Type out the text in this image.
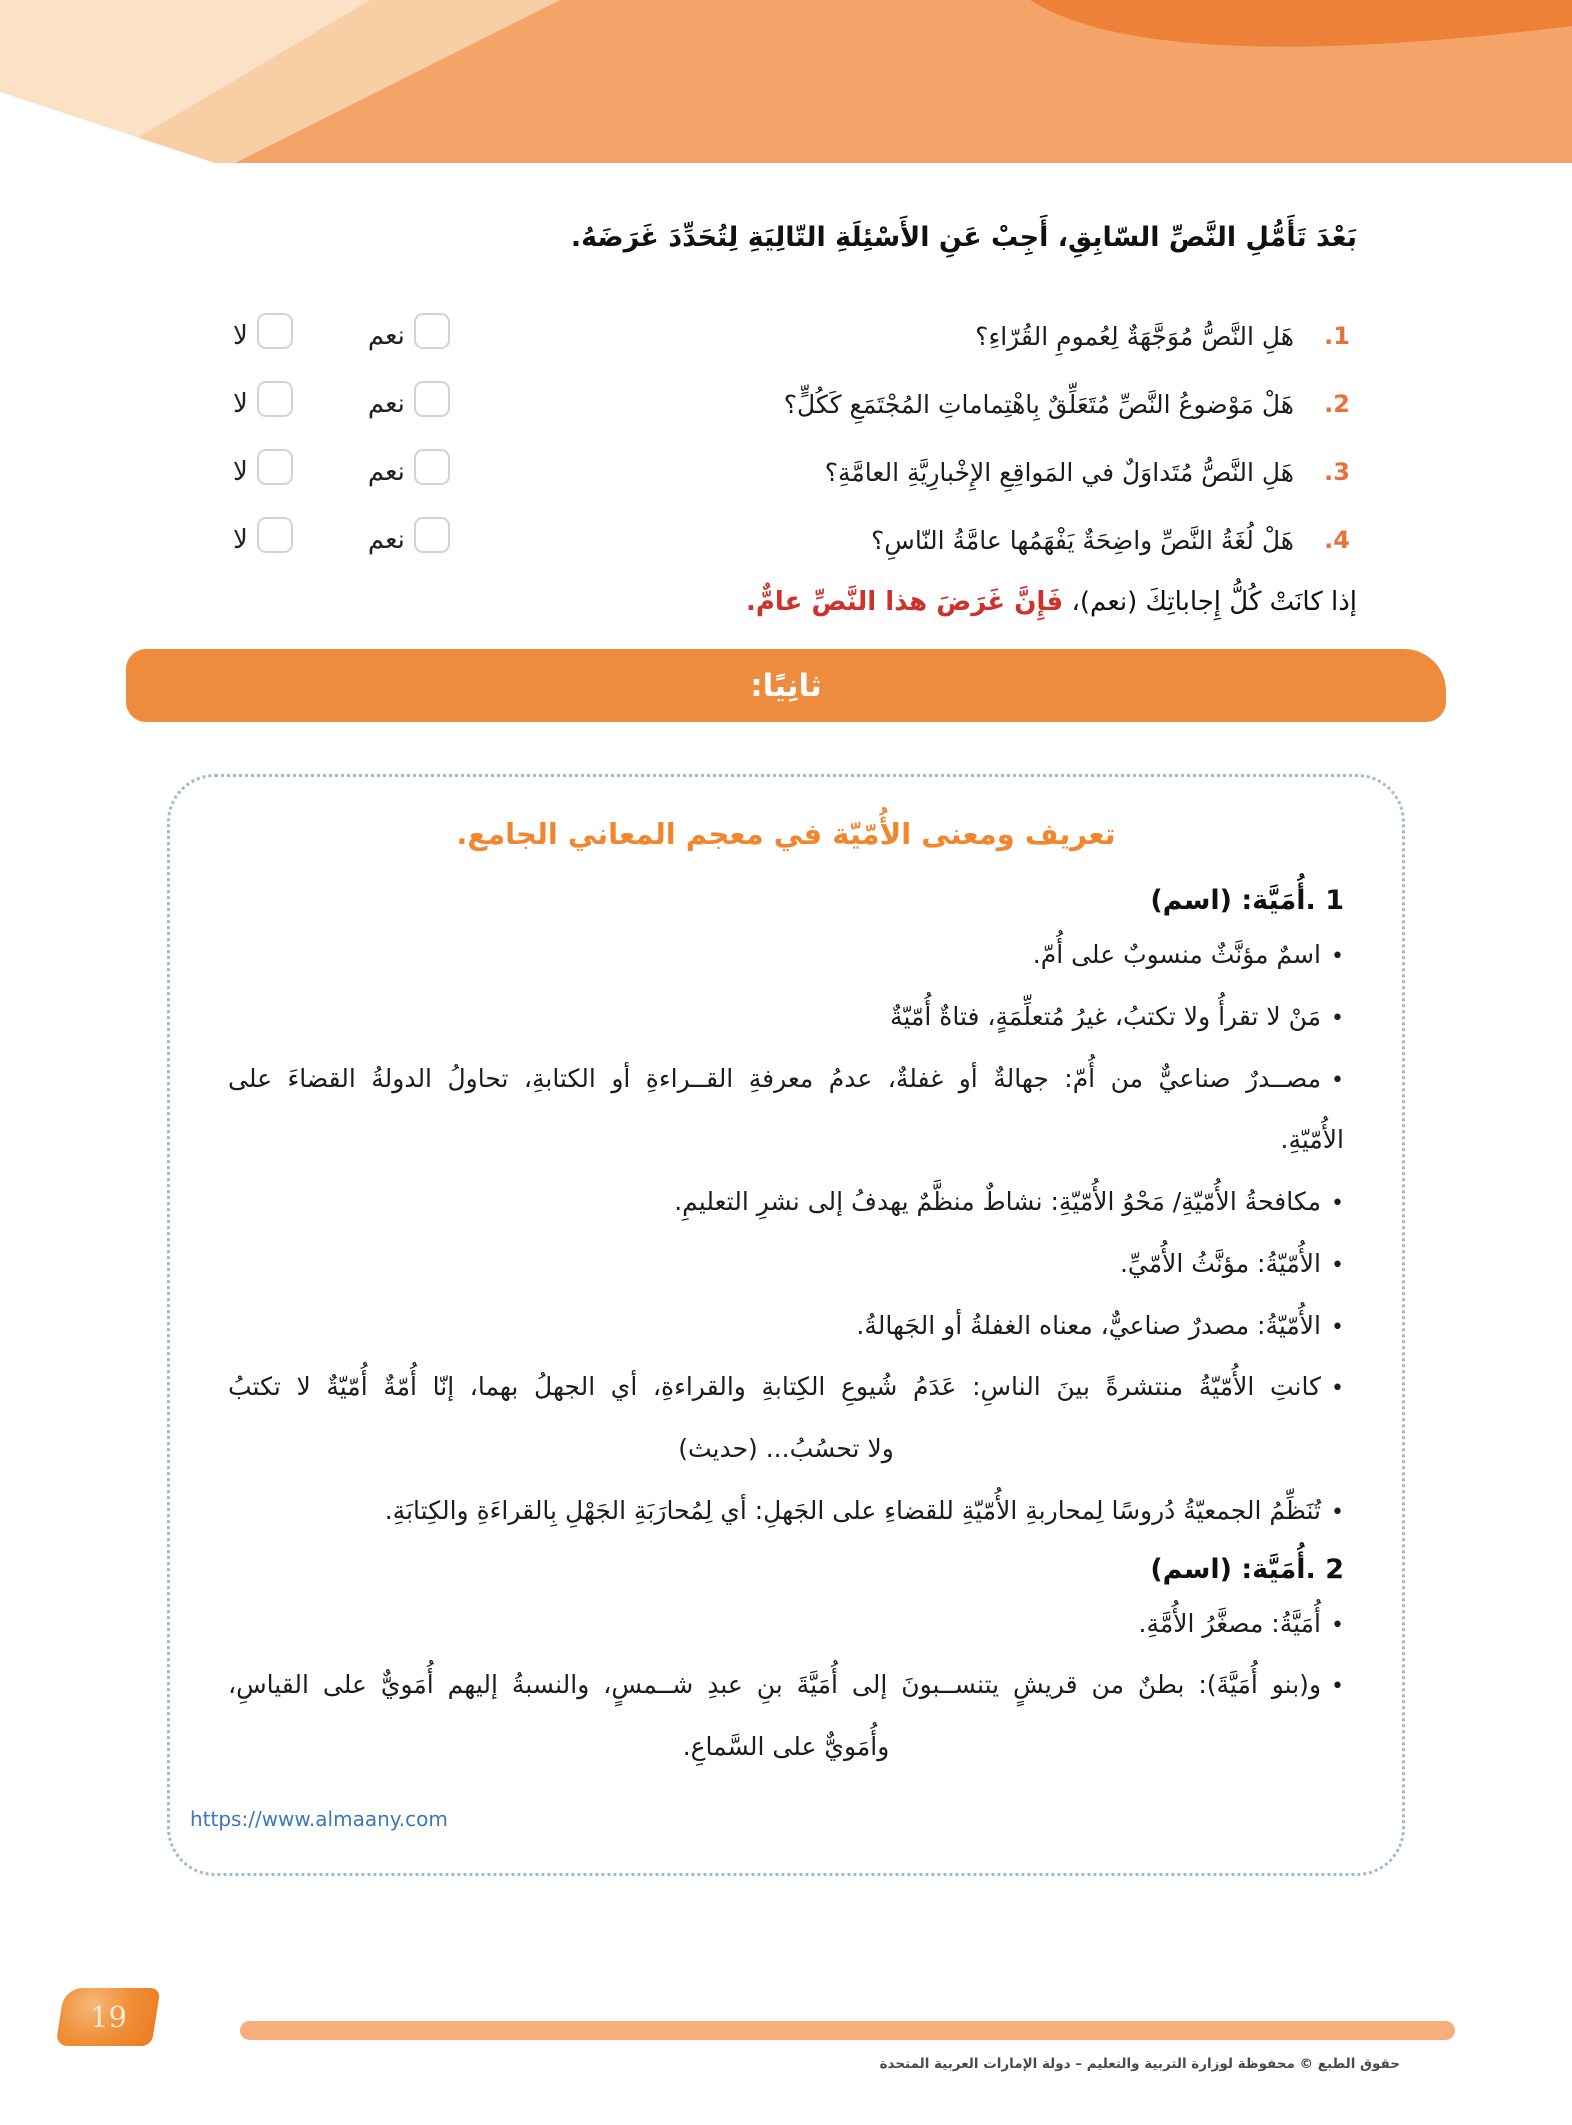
بَعْدَ تَأَمُّلِ النَّصِّ السّابِقِ، أَجِبْ عَنِ الأَسْئِلَةِ التّالِيَةِ لِتُحَدِّدَ غَرَضَهُ.
1.
هَلِ النَّصُّ مُوَجَّهَةٌ لِعُمومِ القُرّاءِ؟
نعم
لا
2.
هَلْ مَوْضوعُ النَّصِّ مُتَعَلِّقٌ بِاهْتِماماتِ المُجْتَمَعِ كَكُلٍّ؟
نعم
لا
3.
هَلِ النَّصُّ مُتَداوَلٌ في المَواقِعِ الإِخْبارِيَّةِ العامَّةِ؟
نعم
لا
4.
هَلْ لُغَةُ النَّصِّ واضِحَةٌ يَفْهَمُها عامَّةُ النّاسِ؟
نعم
لا
إذا كانَتْ كُلُّ إِجاباتِكَ (نعم)، فَإِنَّ غَرَضَ هذا النَّصِّ عامٌّ.
ثانِيًا:
تعريف ومعنى الأُمّيّة في معجم المعاني الجامع.
1 .أُمَيَّة: (اسم)
•اسمٌ مؤنَّثٌ منسوبٌ على أُمّ.
•مَنْ لا تقرأُ ولا تكتبُ، غيرُ مُتعلِّمَةٍ، فتاةٌ أُمّيّةٌ
•مصــدرٌ صناعيٌّ من أُمّ: جهالةٌ أو غفلةٌ، عدمُ معرفةِ القــراءةِ أو الكتابةِ، تحاولُ الدولةُ القضاءَ على
الأُمّيّةِ.
•مكافحةُ الأُمّيّةِ/ مَحْوُ الأُمّيّةِ: نشاطٌ منظَّمٌ يهدفُ إلى نشرِ التعليمِ.
•الأُمّيّةُ: مؤنَّثُ الأُمّيِّ.
•الأُمّيّةُ: مصدرٌ صناعيٌّ، معناه الغفلةُ أو الجَهالةُ.
•كانتِ الأُمّيّةُ منتشرةً بينَ الناسِ: عَدَمُ شُيوعِ الكِتابةِ والقراءةِ، أي الجهلُ بهما، إنّا أُمّةٌ أُمّيّةٌ لا تكتبُ
ولا تحسُبُ... (حديث)
•تُنَظِّمُ الجمعيّةُ دُروسًا لِمحاربةِ الأُمّيّةِ للقضاءِ على الجَهلِ: أي لِمُحارَبَةِ الجَهْلِ بِالقراءَةِ والكِتابَةِ.
2 .أُمَيَّة: (اسم)
•أُمَيَّةُ: مصغَّرُ الأُمَّةِ.
•و(بنو أُمَيَّةَ): بطنٌ من قريشٍ يتنســبونَ إلى أُمَيَّةَ بنِ عبدِ شــمسٍ، والنسبةُ إليهم أُمَويٌّ على القياسِ،
وأُمَويٌّ على السَّماعِ.
https://www.almaany.com
19
حقوق الطبع © محفوظة لوزارة التربية والتعليم – دولة الإمارات العربية المتحدة
